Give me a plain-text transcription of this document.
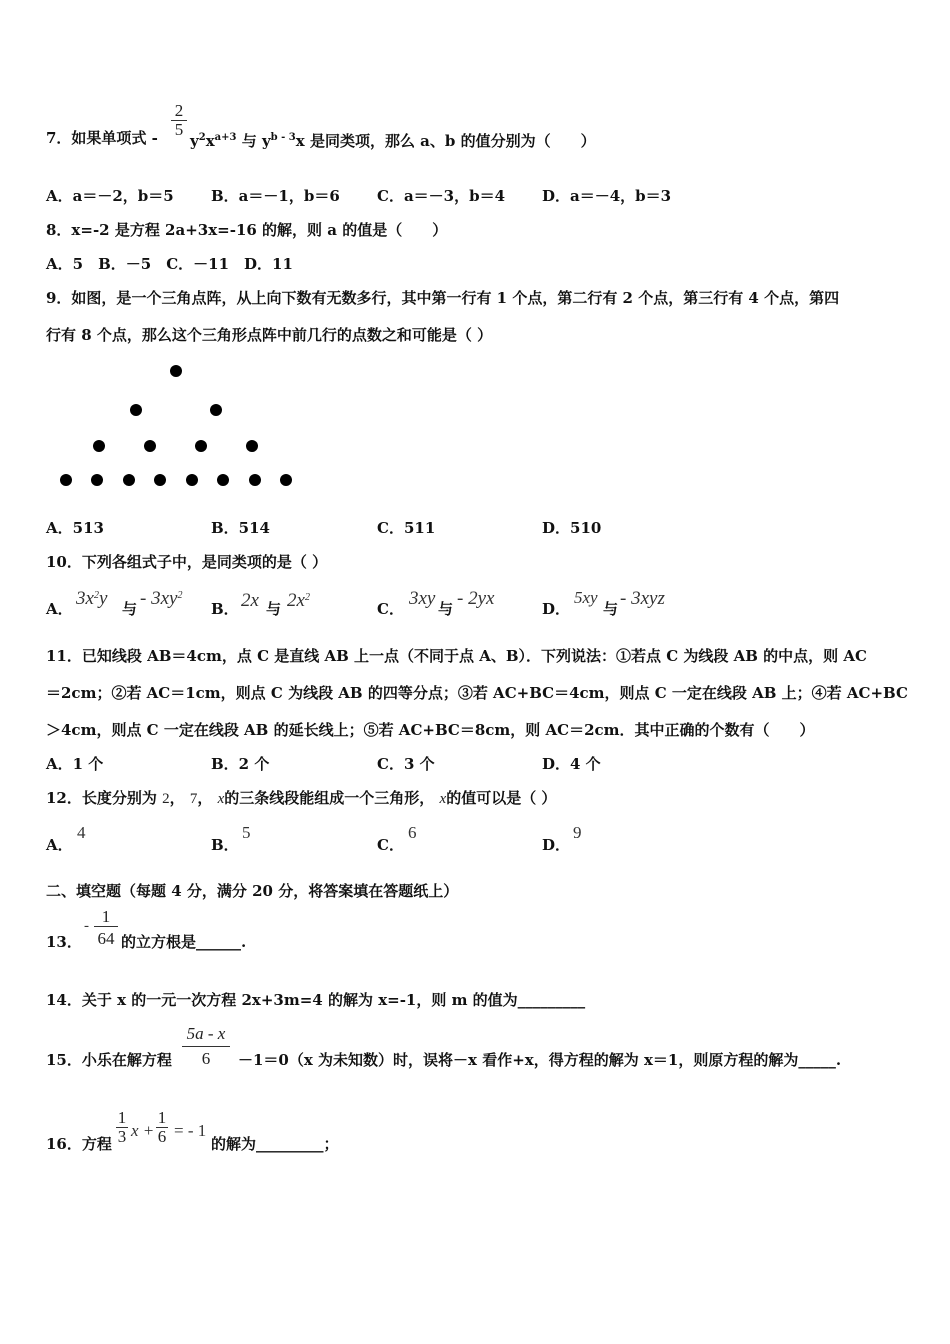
7．如果单项式 - $\frac{2}{5}$
$y^2x^{a+3}$ 与 $y^{b - 3}x$ 是同类项，那么 a、b 的值分别为（　　）
A．a＝－2，b＝5 B．a＝－1，b＝6 C．a＝－3，b＝4 D．a＝－4，b＝3
8．x=-2 是方程 2a+3x=-16 的解，则 a 的值是（　　）
A．5　B．－5　C．－11　D．11
9．如图，是一个三角点阵，从上向下数有无数多行，其中第一行有 1 个点，第二行有 2 个点，第三行有 4 个点，第四
行有 8 个点，那么这个三角形点阵中前几行的点数之和可能是（ ）
A．513	B．514	C．511	D．510
10．下列各组式子中，是同类项的是（ ）
A． $3x^2y$ 与 - $3xy^2$
B． 2x 与 $2x^2$
C． 3xy 与 - 2yx	D．
5xy
与 - 3xyz
11．已知线段 AB＝4cm，点 C 是直线 AB 上一点（不同于点 A、B）．下列说法：①若点 C 为线段 AB 的中点，则 AC
＝2cm；②若 AC＝1cm，则点 C 为线段 AB 的四等分点；③若 AC+BC＝4cm，则点 C 一定在线段 AB 上；④若 AC+BC
＞4cm，则点 C 一定在线段 AB 的延长线上；⑤若 AC+BC＝8cm，则 AC＝2cm．其中正确的个数有（　　）
A．1 个	B．2 个	C．3 个	D．4 个
12．长度分别为 2， 7， x的三条线段能组成一个三角形， x的值可以是（ ）
A．
4
B．
5
C．
6
D．
9
二、填空题（每题 4 分，满分 20 分，将答案填在答题纸上）
13．
- $\frac{1}{64}$ 的立方根是______.
14．关于 x 的一元一次方程 2x+3m=4 的解为 x=-1，则 m 的值为_________
15．小乐在解方程 $\frac{5a - x}{6} -1=0(x$ 为未知数）时，误将－x 看作+x，得方程的解为 x＝1，则原方程的解为_____.
16．方程 $\frac{1}{3}$ $x + \frac{1}{6}$ = - 1
的解为_________；
